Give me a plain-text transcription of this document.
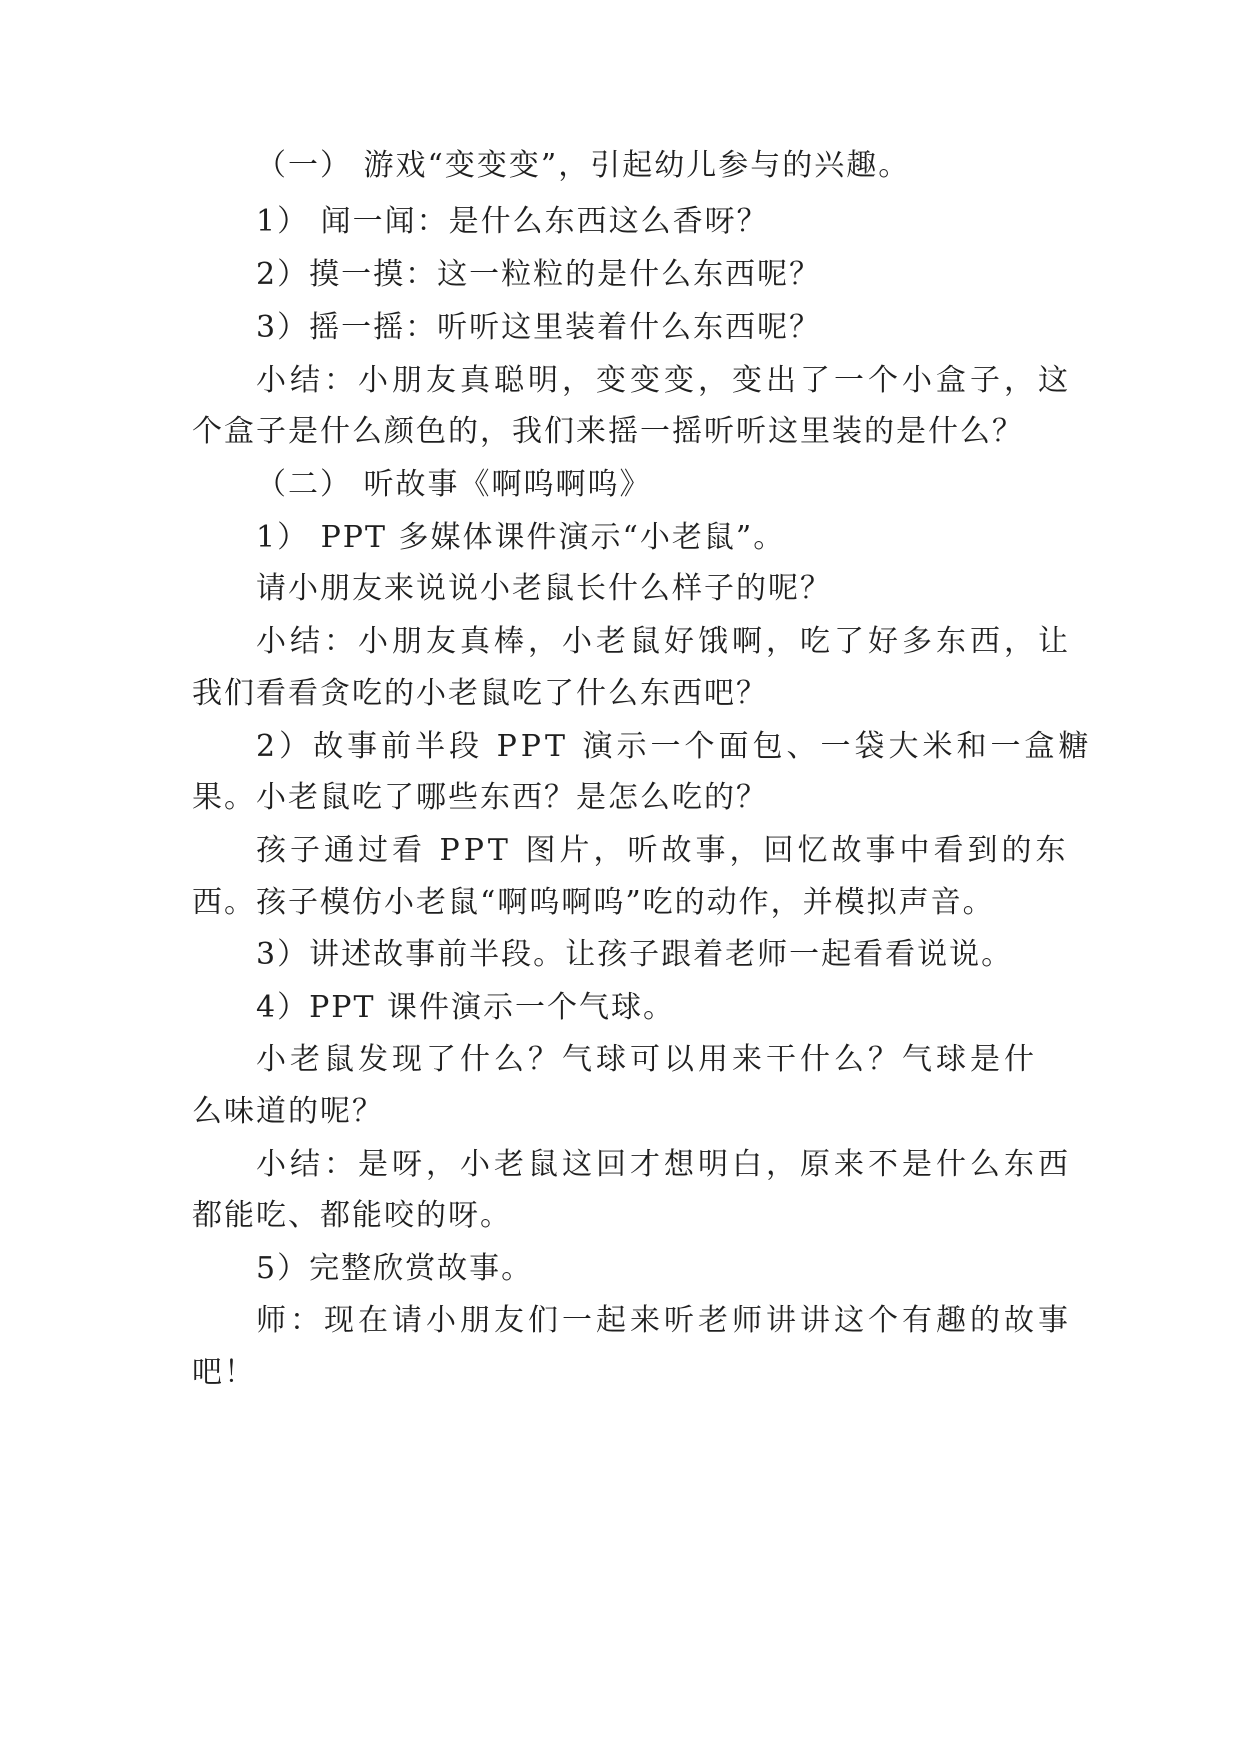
（一） 游戏“变变变”，引起幼儿参与的兴趣。
1） 闻一闻：是什么东西这么香呀？
2）摸一摸：这一粒粒的是什么东西呢？
3）摇一摇：听听这里装着什么东西呢？
小结：小朋友真聪明，变变变，变出了一个小盒子，这
个盒子是什么颜色的，我们来摇一摇听听这里装的是什么？
（二） 听故事《啊呜啊呜》
1） PPT 多媒体课件演示“小老鼠”。
请小朋友来说说小老鼠长什么样子的呢？
小结：小朋友真棒，小老鼠好饿啊，吃了好多东西，让
我们看看贪吃的小老鼠吃了什么东西吧？
2）故事前半段 PPT 演示一个面包、一袋大米和一盒糖
果。小老鼠吃了哪些东西？是怎么吃的？
孩子通过看 PPT 图片，听故事，回忆故事中看到的东
西。孩子模仿小老鼠“啊呜啊呜”吃的动作，并模拟声音。
3）讲述故事前半段。让孩子跟着老师一起看看说说。
4）PPT 课件演示一个气球。
小老鼠发现了什么？气球可以用来干什么？气球是什
么味道的呢？
小结：是呀，小老鼠这回才想明白，原来不是什么东西
都能吃、都能咬的呀。
5）完整欣赏故事。
师：现在请小朋友们一起来听老师讲讲这个有趣的故事
吧！
